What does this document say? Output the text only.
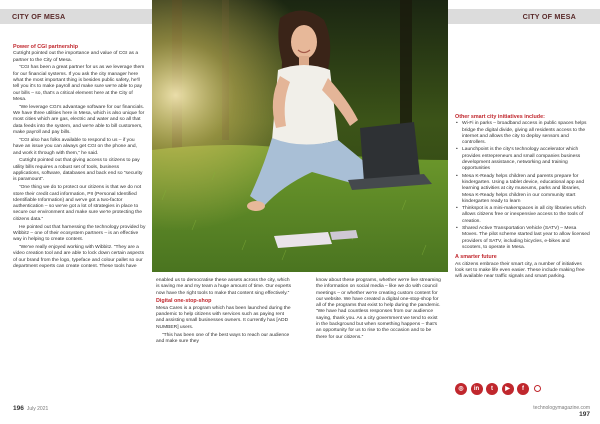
CITY OF MESA	CITY OF MESA
Power of CGI partnership

Cutright pointed out the importance and value of CGI as a partner to the City of Mesa.

“CGI has been a great partner for us as we leverage them for our financial systems. If you ask the city manager here what the most important thing is besides public safety, he'll tell you it's to make payroll and make sure we're able to pay our bills – so, that's a critical element here at the City of Mesa.

“We leverage CGI's advantage software for our financials. We have three utilities here in Mesa, which is also unique for most cities which are gas, electric and water and so all that data feeds into the system, and we're able to bill customers, make payroll and pay bills.

“CGI also has folks available to respond to us – if you have an issue you can always get CGI on the phone and, and work it through with them,” he said.

Cutright pointed out that giving access to citizens to pay utility bills requires a robust set of tools, business applications, software, databases and back end so “security is paramount”.

“One thing we do to protect our citizens is that we do not store their credit card information, PII (Personal Identified Identifiable Information) and we've got a two-factor authentication – so we've got a lot of strategies in place to secure our environment and make sure we're protecting the citizens data.”

He pointed out that harnessing the technology provided by Wibbitz – one of their ecosystem partners – is an effective way in helping to create content.

“We've really enjoyed working with Wibbitz. “They are a video creation tool and are able to lock down certain aspects of our brand from the logo, typeface and colour pallet so our department experts can create content. These tools have

enabled us to democratise these assets across the city, which is saving me and my team a huge amount of time. Our experts now have the right tools to make that content sing effectively.”

Digital one-stop-shop

Mesa Cares is a program which has been launched during the pandemic to help citizens with services such as paying rent and assisting small businesses owners. It currently has [ADD NUMBER] users.

“This has been one of the best ways to reach our audience and make sure they

know about these programs, whether we're live streaming the information on social media – like we do with council meetings – or whether we're creating custom content for our website. We have created a digital one-stop-shop for all of the programs that exist to help during the pandemic. “We have had countless responses from our audience saying, thank you. As a city government we tend to exist in the background but when something happens – that's an opportunity for us to rise to the occasion and to be there for our citizens.”

Other smart city initiatives include:
• Wi-Fi in parks – broadband access in public spaces helps bridge the digital divide, giving all residents access to the internet and allows the city to deploy sensors and controllers.
• Launchpoint is the city's technology accelerator which provides entrepreneurs and small companies business development assistance, networking and training opportunities
• Mesa K-Ready helps children and parents prepare for kindergarten. Using a tablet device, educational app and learning activities at city museums, parks and libraries, Mesa K-Ready helps children in our community start kindergarten ready to learn
• Thinkspot is a mini-makerspaces in all city libraries which allows citizens free or inexpensive access to the tools of creation.
• Shared Active Transportation Vehicle (SATV) – Mesa Moves. The pilot scheme started last year to allow licensed providers of SATV, including bicycles, e-bikes and scooters, to operate in Mesa.
A smarter future

As citizens embrace their smart city, a number of initiatives look set to make life even easier. These include making free wifi available near traffic signals and smart parking.

◎	in	t	▶	f
196 July 2021	technologymagazine.com 197
